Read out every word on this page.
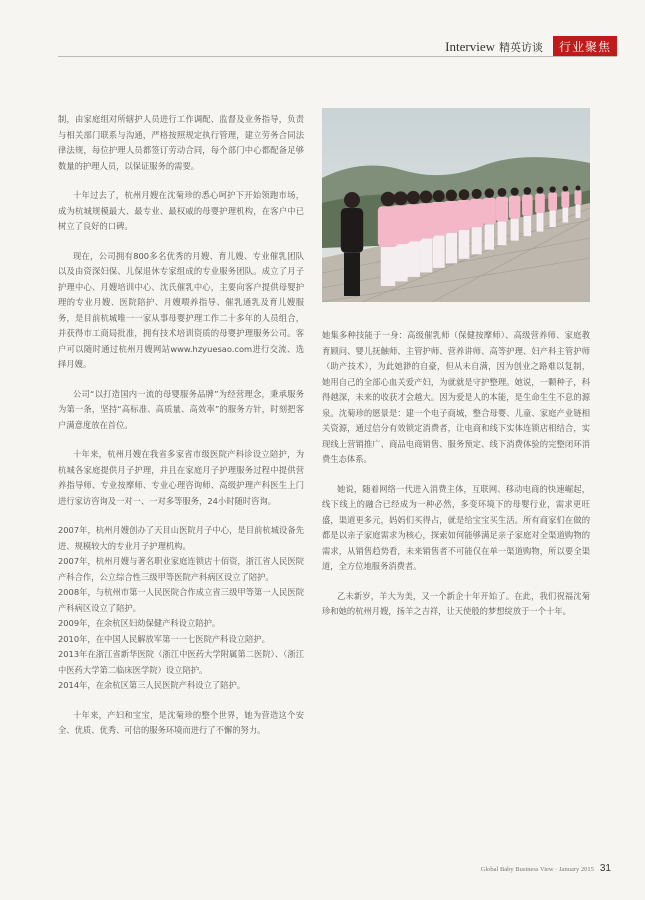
Interview 精英访谈	行业聚焦

制，由家庭组对所辖护人员进行工作调配、监督及业务指导，负责与相关部门联系与沟通，严格按照规定执行管理，建立劳务合同法律法规，每位护理人员都签订劳动合同，每个部门中心都配备足够数量的护理人员，以保证服务的需要。

十年过去了，杭州月嫂在沈菊珍的悉心呵护下开始领跑市场，成为杭城规模最大、最专业、最权威的母婴护理机构，在客户中已树立了良好的口碑。

现在，公司拥有800多名优秀的月嫂、育儿嫂、专业催乳团队以及由资深妇保、儿保退休专家组成的专业服务团队。成立了月子护理中心、月嫂培训中心、沈氏催乳中心，主要向客户提供母婴护理的专业月嫂、医院陪护、月嫂喂养指导、催乳通乳及育儿嫂服务，是目前杭城唯一一家从事母婴护理工作二十多年的人员组合，并获得市工商局批准，拥有技术培训资质的母婴护理服务公司。客户可以随时通过杭州月嫂网站www.hzyuesao.com进行交流、选择月嫂。

公司“以打造国内一流的母婴服务品牌”为经营理念，秉承服务为第一条，坚持“高标准、高质量、高效率”的服务方针，时刻把客户满意度放在首位。

十年来，杭州月嫂在我省多家省市级医院产科诊设立陪护，为杭城各家庭提供月子护理，并且在家庭月子护理服务过程中提供营养指导师、专业按摩师、专业心理咨询师、高级护理产科医生上门进行家访咨询及一对一、一对多等服务，24小时随时咨询。

2007年，杭州月嫂创办了天目山医院月子中心，是目前杭城设备先进、规模较大的专业月子护理机构。

2007年，杭州月嫂与著名职业家庭连锁店十佰资，浙江省人民医院产科合作，公立综合性三级甲等医院产科病区设立了陪护。

2008年，与杭州市第一人民医院合作成立省三级甲等第一人民医院产科病区设立了陪护。

2009年，在余杭区妇幼保健产科设立陪护。

2010年，在中国人民解放军第一一七医院产科设立陪护。

2013年在浙江省新华医院（浙江中医药大学附属第二医院）、（浙江中医药大学第二临床医学院）设立陪护。

2014年，在余杭区第三人民医院产科设立了陪护。

十年来，产妇和宝宝，是沈菊珍的整个世界，她为营造这个安全、优质、优秀、可信的服务环境而进行了不懈的努力。

她集多种技能于一身：高级催乳师（保健按摩师）、高级营养师、家庭教育顾问、婴儿抚触师、主管护师、营养讲师、高等护理、妇产科主管护师（助产技术），为此她渺的自豪，但从未自满，因为创业之路难以复制，她用自己的全部心血关爱产妇，为就就是守护整理。她说，一颗种子，科得越深，未来的收获才会越大。因为爱是人的本能，是生命生生不息的源泉。沈菊珍的愿景是：建一个电子商城，整合母婴、儿童、家庭产业链相关资源，通过信分有效锁定消费者，让电商和线下实体连锁店相结合，实现线上营销推广、商品电商销售、服务预定、线下消费体验的完整闭环消费生态体系。

她说，随着网络一代进入消费主体，互联网、移动电商的快速崛起，线下线上的融合已经成为一种必然，多变环境下的母婴行业，需求更旺盛，渠道更多元，妈妈们买得占，就是给宝宝买生活。所有商家们在做的都是以亲子家庭需求为核心，探索如何能够满足亲子家庭对全渠道购物的需求，从销售趋势看，未来销售者不可能仅在单一渠道购物，所以要全渠道，全方位地服务消费者。

乙未新岁，羊大为美，又一个新企十年开始了。在此，我们祝福沈菊珍和她的杭州月嫂，扬羊之吉祥，让天使般的梦想绽放于一个十年。

Global Baby Business View · January 2015 31
